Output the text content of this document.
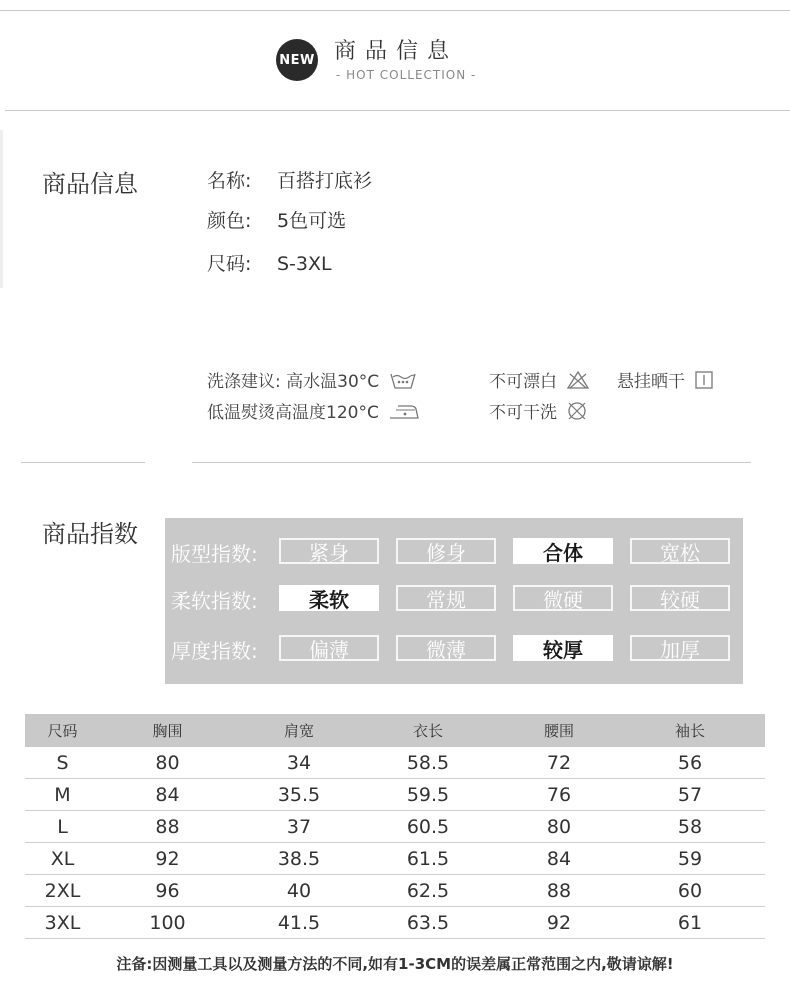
NEW 商品信息
- HOT COLLECTION -
商品信息	名称: 百搭打底衫
颜色: 5色可选
尺码: S-3XL
洗涤建议: 高水温30°C	不可漂白	悬挂晒干
低温熨烫高温度120°C	不可干洗
商品指数
版型指数:	紧身	修身	合体	宽松
柔软指数:	柔软	常规	微硬	较硬
厚度指数:	偏薄	微薄	较厚	加厚
尺码	胸围	肩宽	衣长	腰围	袖长
S	80	34	58.5	72	56
M	84	35.5	59.5	76	57
L	88	37	60.5	80	58
XL	92	38.5	61.5	84	59
2XL	96	40	62.5	88	60
3XL	100	41.5	63.5	92	61
注备:因测量工具以及测量方法的不同,如有1-3CM的误差属正常范围之内,敬请谅解!
